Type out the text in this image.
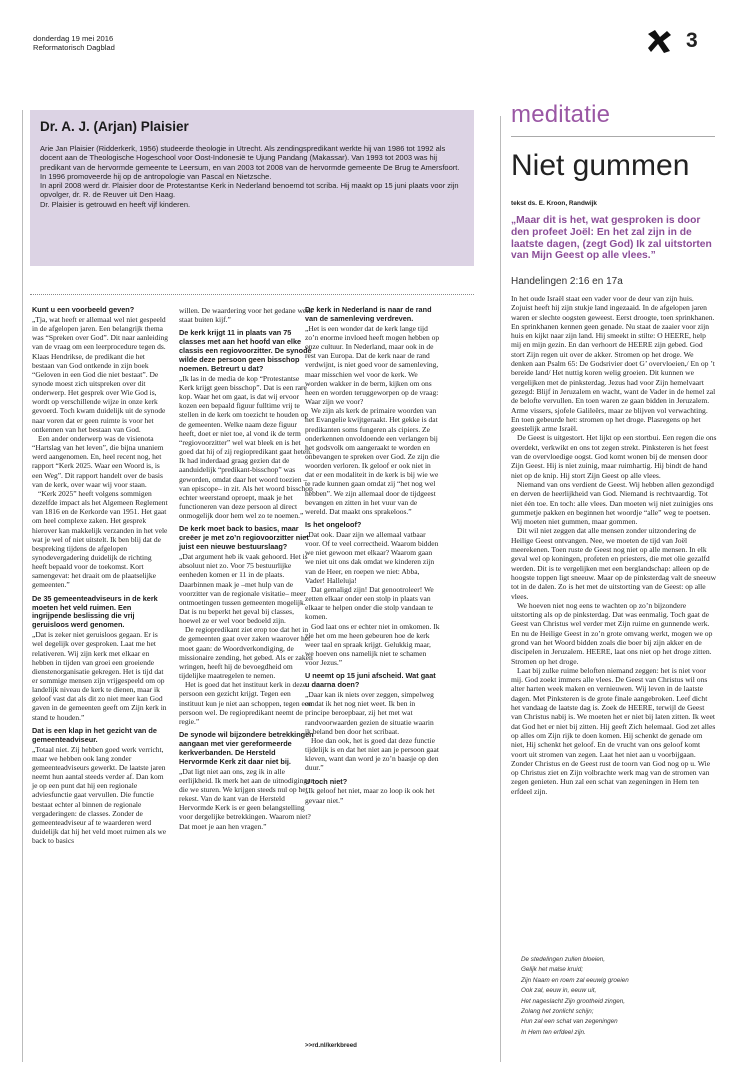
donderdag 19 mei 2016
Reformatorisch Dagblad	3
Dr. A. J. (Arjan) Plaisier

Arie Jan Plaisier (Ridderkerk, 1956) studeerde theologie in Utrecht. Als zendingspredikant werkte hij van 1986 tot 1992 als docent aan de Theologische Hogeschool voor Oost-Indonesië te Ujung Pandang (Makassar). Van 1993 tot 2003 was hij predikant van de hervormde gemeente te Leersum, en van 2003 tot 2008 van de hervormde gemeente De Brug te Amersfoort.

In 1996 promoveerde hij op de antropologie van Pascal en Nietzsche.

In april 2008 werd dr. Plaisier door de Protestantse Kerk in Nederland benoemd tot scriba. Hij maakt op 15 juni plaats voor zijn opvolger, dr. R. de Reuver uit Den Haag.

Dr. Plaisier is getrouwd en heeft vijf kinderen.

Kunt u een voorbeeld geven?

„Tja, wat heeft er allemaal wel niet gespeeld in de afgelopen jaren. Een belangrijk thema was “Spreken over God”. Dit naar aanleiding van de vraag om een leerprocedure tegen ds. Klaas Hendrikse, de predikant die het bestaan van God ontkende in zijn boek “Geloven in een God die niet bestaat”. De synode moest zich uitspreken over dit onderwerp. Het gesprek over Wie God is, wordt op verschillende wijze in onze kerk gevoerd. Toch kwam duidelijk uit de synode naar voren dat er geen ruimte is voor het ontkennen van het bestaan van God.

Een ander onderwerp was de visienota “Hartslag van het leven”, die bijna unaniem werd aangenomen. En, heel recent nog, het rapport “Kerk 2025. Waar een Woord is, is een Weg”. Dit rapport handelt over de basis van de kerk, over waar wij voor staan.

“Kerk 2025” heeft volgens sommigen dezelfde impact als het Algemeen Reglement van 1816 en de Kerkorde van 1951. Het gaat om heel complexe zaken. Het gesprek hierover kan makkelijk verzanden in het vele wat je wel of niet uitstelt. Ik ben blij dat de bespreking tijdens de afgelopen synodevergadering duidelijk de richting heeft bepaald voor de toekomst. Kort samengevat: het draait om de plaatselijke gemeenten.”

De 35 gemeenteadviseurs in de kerk moeten het veld ruimen. Een ingrijpende beslissing die vrij geruisloos werd genomen.

„Dat is zeker niet geruisloos gegaan. Er is wel degelijk over gesproken. Laat me het relativeren. Wij zijn kerk met elkaar en hebben in tijden van groei een groeiende dienstenorganisatie gekregen. Het is tijd dat er sommige mensen zijn vrijgespeeld om op landelijk niveau de kerk te dienen, maar ik geloof vast dat als dit zo niet meer kan God gaven in de gemeenten geeft om Zijn kerk in stand te houden.”

Dat is een klap in het gezicht van de gemeenteadviseur.

„Totaal niet. Zij hebben goed werk verricht, maar we hebben ook lang zonder gemeenteadviseurs gewerkt. De laatste jaren neemt hun aantal steeds verder af. Dan kom je op een punt dat hij een regionale adviesfunctie gaat vervullen. Die functie bestaat echter al binnen de regionale vergaderingen: de classes. Zonder de gemeenteadviseur af te waarderen werd duidelijk dat hij het veld moet ruimen als we back to basics

willen. De waardering voor het gedane werk staat buiten kijf.”

De kerk krijgt 11 in plaats van 75 classes met aan het hoofd van elke classis een regiovoorzitter. De synode wilde deze persoon geen bisschop noemen. Betreurt u dat?

„Ik las in de media de kop “Protestantse Kerk krijgt geen bisschop”. Dat is een rare kop. Waar het om gaat, is dat wij ervoor kozen een bepaald figuur fulltime vrij te stellen in de kerk om toezicht te houden op de gemeenten. Welke naam deze figuur heeft, doet er niet toe, al vond ik de term “regiovoorzitter” wel wat bleek en is het goed dat hij of zij regiopredikant gaat heten. Ik had inderdaad graag gezien dat de aanduidelijk “predikant-bisschop” was geworden, omdat daar het woord toezien –van episcope– in zit. Als het woord bisschop echter weerstand oproept, maak je het functioneren van deze persoon al direct onmogelijk door hem wel zo te noemen.”

De kerk moet back to basics, maar creëer je met zo’n regiovoorzitter niet juist een nieuwe bestuurslaag?

„Dat argument heb ik vaak gehoord. Het is absoluut niet zo. Voor 75 bestuurlijke eenheden komen er 11 in de plaats. Daarbinnen maak je –met hulp van de voorzitter van de regionale visitatie– meer ontmoetingen tussen gemeenten mogelijk. Dat is nu beperkt het geval bij classes, hoewel ze er wel voor bedoeld zijn.

De regiopredikant ziet erop toe dat het in de gemeenten gaat over zaken waarover het moet gaan: de Woordverkondiging, de missionaire zending, het gebed. Als er zaken wringen, heeft hij de bevoegdheid om tijdelijke maatregelen te nemen.

Het is goed dat het instituut kerk in deze persoon een gezicht krijgt. Tegen een instituut kun je niet aan schoppen, tegen een persoon wel. De regiopredikant neemt de regie.”

De synode wil bijzondere betrekkingen aangaan met vier gereformeerde kerkverbanden. De Hersteld Hervormde Kerk zit daar niet bij.

„Dat ligt niet aan ons, zeg ik in alle eerlijkheid. Ik merk het aan de uitnodigingen die we sturen. We krijgen steeds nul op het rekest. Van de kant van de Hersteld Hervormde Kerk is er geen belangstelling voor dergelijke betrekkingen. Waarom niet? Dat moet je aan hen vragen.”

De kerk in Nederland is naar de rand van de samenleving verdreven.

„Het is een wonder dat de kerk lange tijd zo’n enorme invloed heeft mogen hebben op onze cultuur. In Nederland, maar ook in de rest van Europa. Dat de kerk naar de rand verdwijnt, is niet goed voor de samenleving, maar misschien wel voor de kerk. We worden wakker in de berm, kijken om ons heen en worden teruggeworpen op de vraag: Waar zijn we voor?

We zijn als kerk de primaire woorden van het Evangelie kwijtgeraakt. Het gekke is dat predikanten soms fungeren als cipiers. Ze onderkennen onvoldoende een verlangen bij het godsvolk om aangeraakt te worden en onbevangen te spreken over God. Ze zijn die woorden verloren. Ik geloof er ook niet in dat er een modaliteit in de kerk is bij wie we te rade kunnen gaan omdat zij “het nog wel hebben”. We zijn allemaal door de tijdgeest bevangen en zitten in het vuur van de wereld. Dat maakt ons sprakeloos.”

Is het ongeloof?

„Dat ook. Daar zijn we allemaal vatbaar voor. Of te veel correctheid. Waarom bidden we niet gewoon met elkaar? Waarom gaan we niet uit ons dak omdat we kinderen zijn van de Heer, en roepen we niet: Abba, Vader! Halleluja!

Dat gemaligd zijn! Dat genootroleer! We zetten elkaar onder een stolp in plaats van elkaar te helpen onder die stolp vandaan te komen.

God laat ons er echter niet in omkomen. Ik zie het om me heen gebeuren hoe de kerk weer taal en spraak krijgt. Gelukkig maar, we hoeven ons namelijk niet te schamen voor Jezus.”

U neemt op 15 juni afscheid. Wat gaat u daarna doen?

„Daar kan ik niets over zeggen, simpelweg omdat ik het nog niet weet. Ik ben in principe beroepbaar, zij het met wat randvoorwaarden gezien de situatie waarin ik beland ben door het scribaat.

Hoe dan ook, het is goed dat deze functie tijdelijk is en dat het niet aan je persoon gaat kleven, want dan word je zo’n baasje op den duur.”

U toch niet?

„Ik geloof het niet, maar zo loop ik ook het gevaar niet.”

>>rd.nl/kerkbreed
meditatie
Niet gummen
tekst ds. E. Kroon, Randwijk
„Maar dit is het, wat gesproken is door den profeet Joël: En het zal zijn in de laatste dagen, (zegt God) Ik zal uitstorten van Mijn Geest op alle vlees.”
Handelingen 2:16 en 17a

In het oude Israël staat een vader voor de deur van zijn huis. Zojuist heeft hij zijn stukje land ingezaaid. In de afgelopen jaren waren er slechte oogsten geweest. Eerst droogte, toen sprinkhanen. En sprinkhanen kennen geen genade. Nu staat de zaaier voor zijn huis en kijkt naar zijn land. Hij smeekt in stilte: O HEERE, help mij en mijn gezin. En dan verhoort de HEERE zijn gebed. God stort Zijn regen uit over de akker. Stromen op het droge. We denken aan Psalm 65: De Godsrivier doet G’ overvloeien,/ En op ’t bereide land/ Het nuttig koren welig groeien. Dit kunnen we vergelijken met de pinksterdag. Jezus had voor Zijn hemelvaart gezegd: Blijf in Jeruzalem en wacht, want de Vader in de hemel zal de belofte vervullen. En toen waren ze gaan bidden in Jeruzalem. Arme vissers, sjofele Galileërs, maar ze blijven vol verwachting. En toen gebeurde het: stromen op het droge. Plasregens op het geestelijk arme Israël.

De Geest is uitgestort. Het lijkt op een stortbui. Een regen die ons overdekt, verkwikt en ons tot zegen strekt. Pinksteren is het feest van de overvloedige oogst. God komt wonen bij de mensen door Zijn Geest. Hij is niet zuinig, maar ruimhartig. Hij bindt de hand niet op de knip. Hij stort Zijn Geest op alle vlees.

Niemand van ons verdient de Geest. Wij hebben allen gezondigd en derven de heerlijkheid van God. Niemand is rechtvaardig. Tot niet één toe. En toch: alle vlees. Dan moeten wij niet zuinigjes ons gummetje pakken en beginnen het woordje “alle” weg te poetsen. Wij moeten niet gummen, maar gommen.

Dit wil niet zeggen dat alle mensen zonder uitzondering de Heilige Geest ontvangen. Nee, we moeten de tijd van Joël meerekenen. Toen ruste de Geest nog niet op alle mensen. In elk geval wel op koningen, profeten en priesters, die met olie gezalfd werden. Dit is te vergelijken met een berglandschap: alleen op de hoogste toppen ligt sneeuw. Maar op de pinksterdag valt de sneeuw tot in de dalen. Zo is het met de uitstorting van de Geest: op alle vlees.

We hoeven niet nog eens te wachten op zo’n bijzondere uitstorting als op de pinksterdag. Dat was eenmalig. Toch gaat de Geest van Christus wel verder met Zijn ruime en gunnende werk. En nu de Heilige Geest in zo’n grote omvang werkt, mogen we op grond van het Woord bidden zoals die boer bij zijn akker en de discipelen in Jeruzalem. HEERE, laat ons niet op het droge zitten. Stromen op het droge.

Laat bij zulke ruime beloften niemand zeggen: het is niet voor mij. God zoekt immers alle vlees. De Geest van Christus wil ons alter harten week maken en vernieuwen. Wij leven in de laatste dagen. Met Pinksteren is de grote finale aangebroken. Leef dicht het vandaag de laatste dag is. Zoek de HEERE, terwijl de Geest van Christus nabij is. We moeten het er niet bij laten zitten. Ik weet dat God het er niet bij zitten. Hij geeft Zich helemaal. God zet alles op alles om Zijn rijk te doen komen. Hij schenkt de genade om niet, Hij schenkt het geloof. En de vrucht van ons geloof komt voort uit stromen van zegen. Laat het niet aan u voorbijgaan. Zonder Christus en de Geest rust de toorn van God nog op u. Wie op Christus ziet en Zijn volbrachte werk mag van de stromen van zegen genieten. Hun zal een schat van zegeningen in Hem ten erfdeel zijn.

De stedelingen zullen bloeien,
Gelijk het malse kruid;
Zijn Naam en roem zal eeuwig groeien
Ook zal, eeuw in, eeuw uit,
Het nageslacht Zijn grootheid zingen,
Zolang het zonlicht schijn;
Hun zal een schat van zegeningen
In Hem ten erfdeel zijn.
